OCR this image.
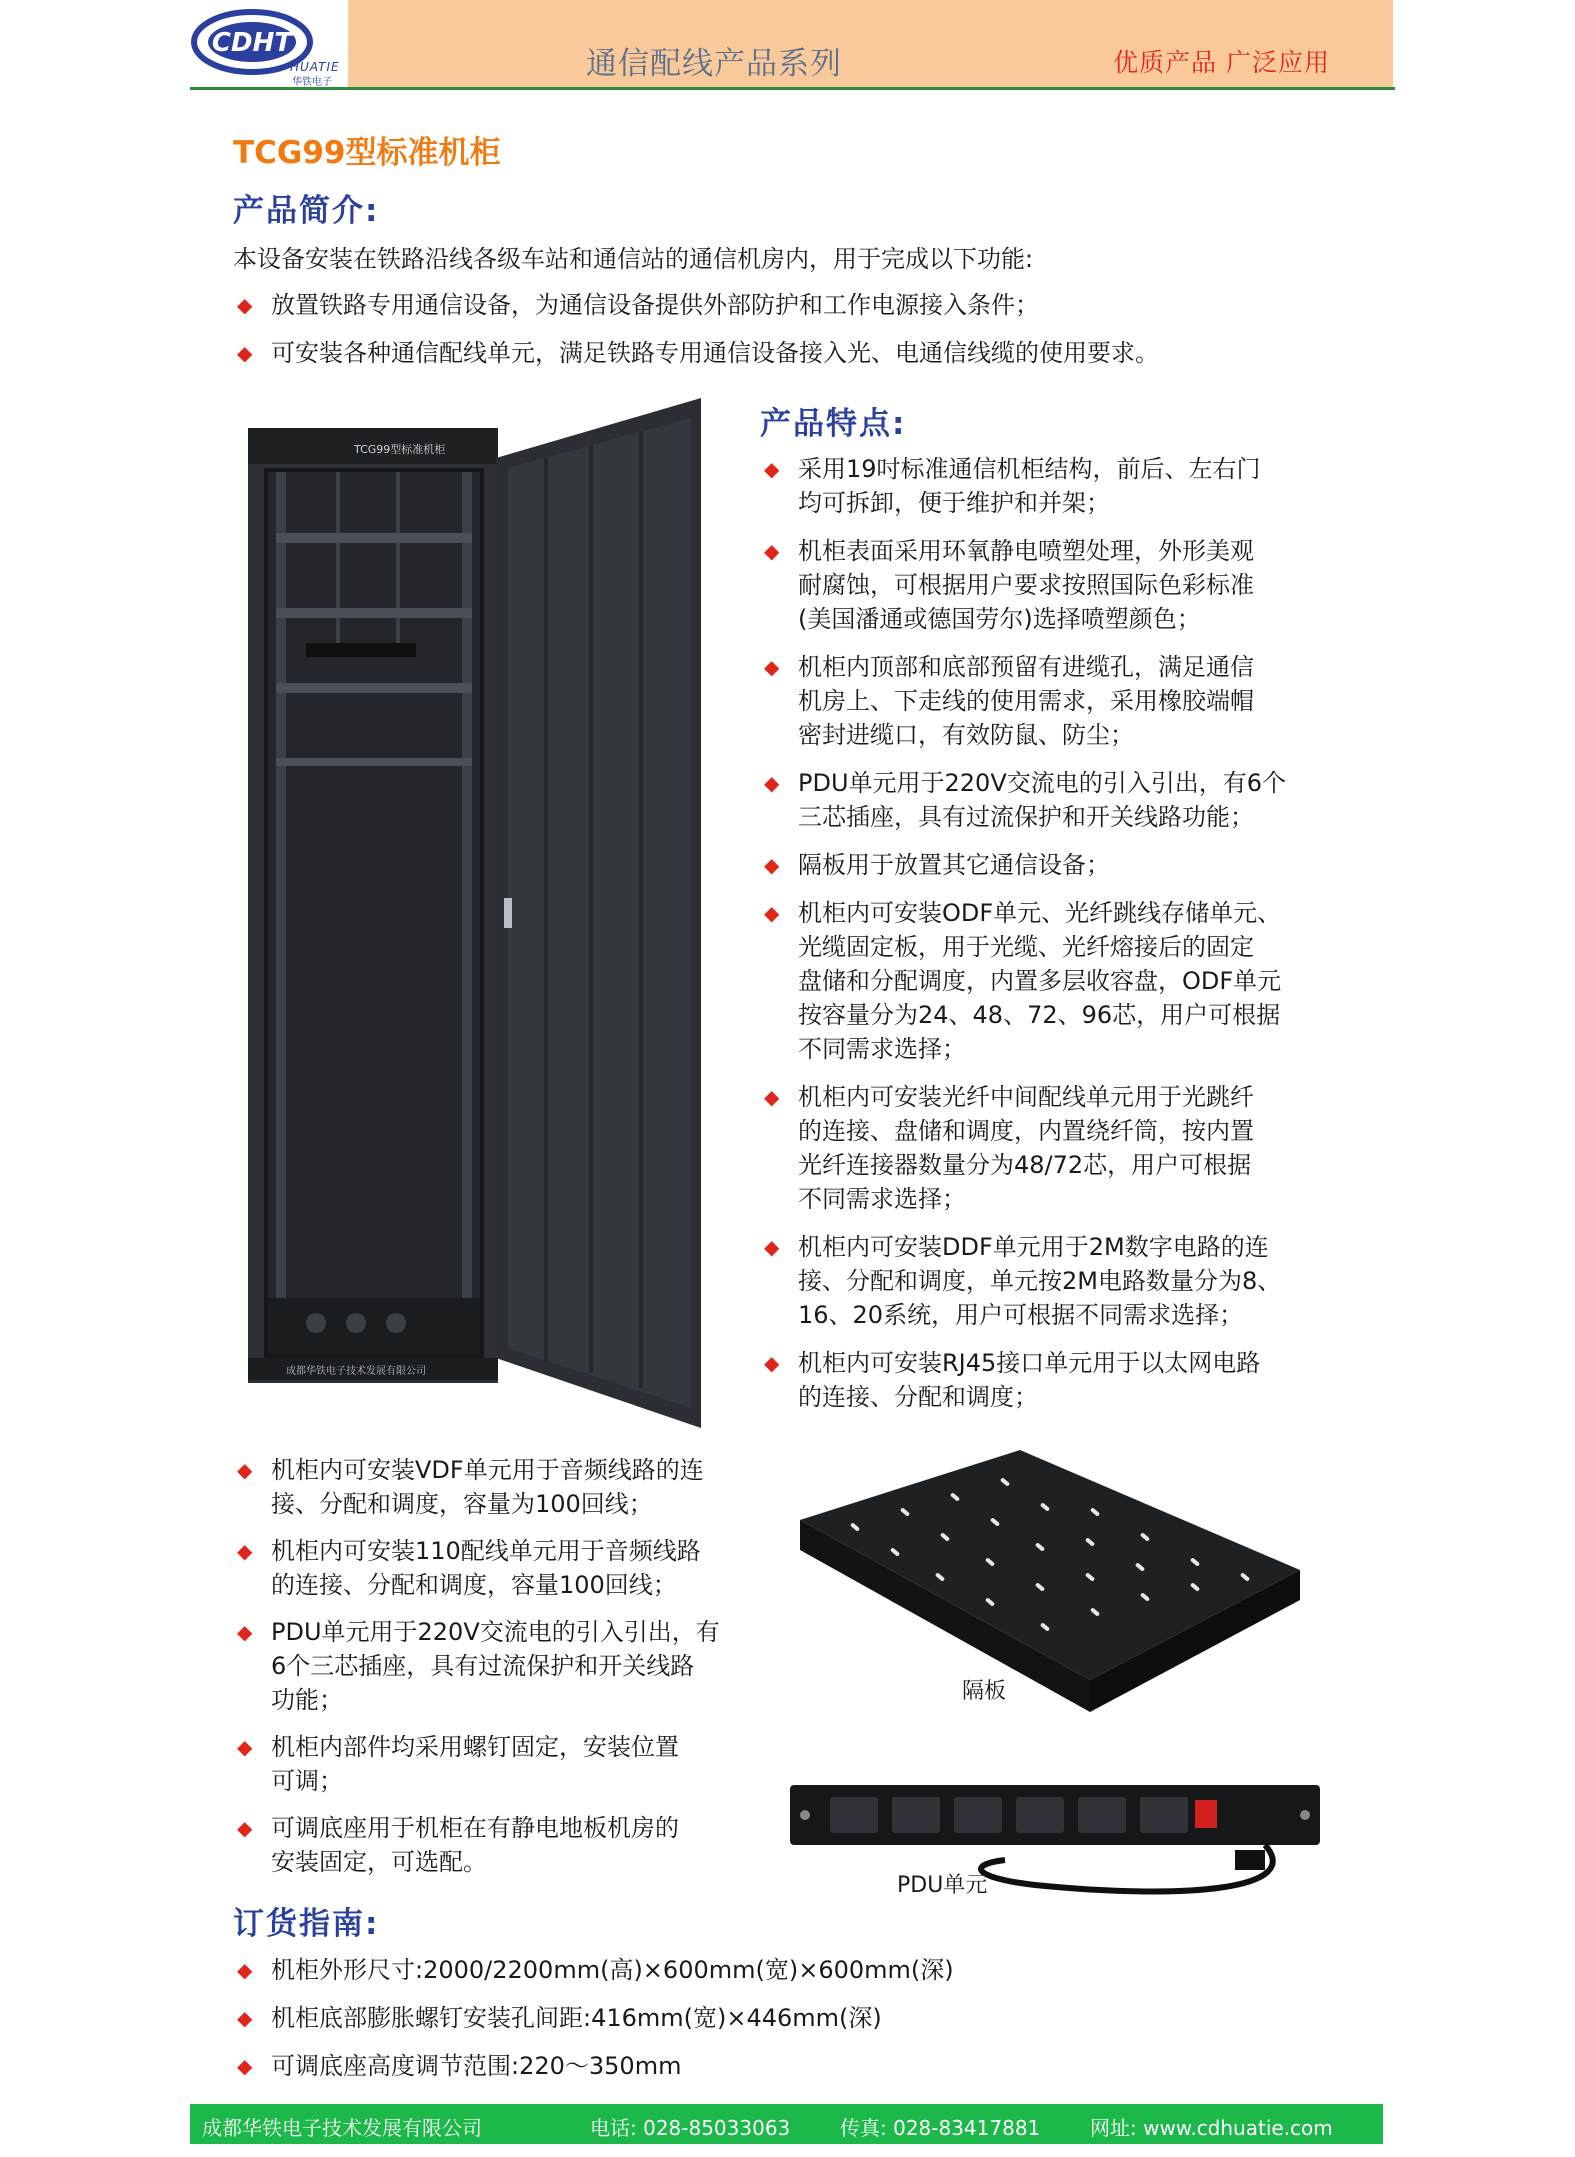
CDHT
HUATIE
华铁电子
通信配线产品系列	优质产品 广泛应用
TCG99型标准机柜
产品简介:
本设备安装在铁路沿线各级车站和通信站的通信机房内，用于完成以下功能:
◆ 放置铁路专用通信设备，为通信设备提供外部防护和工作电源接入条件；
◆ 可安装各种通信配线单元，满足铁路专用通信设备接入光、电通信线缆的使用要求。
TCG99型标准机柜
成都华铁电子技术发展有限公司
产品特点:
◆ 采用19吋标准通信机柜结构，前后、左右门
均可拆卸，便于维护和并架；
◆ 机柜表面采用环氧静电喷塑处理，外形美观
耐腐蚀，可根据用户要求按照国际色彩标准
(美国潘通或德国劳尔)选择喷塑颜色；
◆ 机柜内顶部和底部预留有进缆孔，满足通信
机房上、下走线的使用需求，采用橡胶端帽
密封进缆口，有效防鼠、防尘；
◆ PDU单元用于220V交流电的引入引出，有6个
三芯插座，具有过流保护和开关线路功能；
◆ 隔板用于放置其它通信设备；
◆ 机柜内可安装ODF单元、光纤跳线存储单元、
光缆固定板，用于光缆、光纤熔接后的固定
盘储和分配调度，内置多层收容盘，ODF单元
按容量分为24、48、72、96芯，用户可根据
不同需求选择；
◆ 机柜内可安装光纤中间配线单元用于光跳纤
的连接、盘储和调度，内置绕纤筒，按内置
光纤连接器数量分为48/72芯，用户可根据
不同需求选择；
◆ 机柜内可安装DDF单元用于2M数字电路的连
接、分配和调度，单元按2M电路数量分为8、
16、20系统，用户可根据不同需求选择；
◆ 机柜内可安装RJ45接口单元用于以太网电路
的连接、分配和调度；
◆ 机柜内可安装VDF单元用于音频线路的连
接、分配和调度，容量为100回线；
◆ 机柜内可安装110配线单元用于音频线路
的连接、分配和调度，容量100回线；
◆ PDU单元用于220V交流电的引入引出，有
6个三芯插座，具有过流保护和开关线路
功能；
◆ 机柜内部件均采用螺钉固定，安装位置
可调；
◆ 可调底座用于机柜在有静电地板机房的
安装固定，可选配。
隔板
PDU单元
订货指南:
◆ 机柜外形尺寸:2000/2200mm(高)×600mm(宽)×600mm(深)
◆ 机柜底部膨胀螺钉安装孔间距:416mm(宽)×446mm(深)
◆ 可调底座高度调节范围:220～350mm
成都华铁电子技术发展有限公司	电话: 028-85033063 传真: 028-83417881 网址: www.cdhuatie.com
